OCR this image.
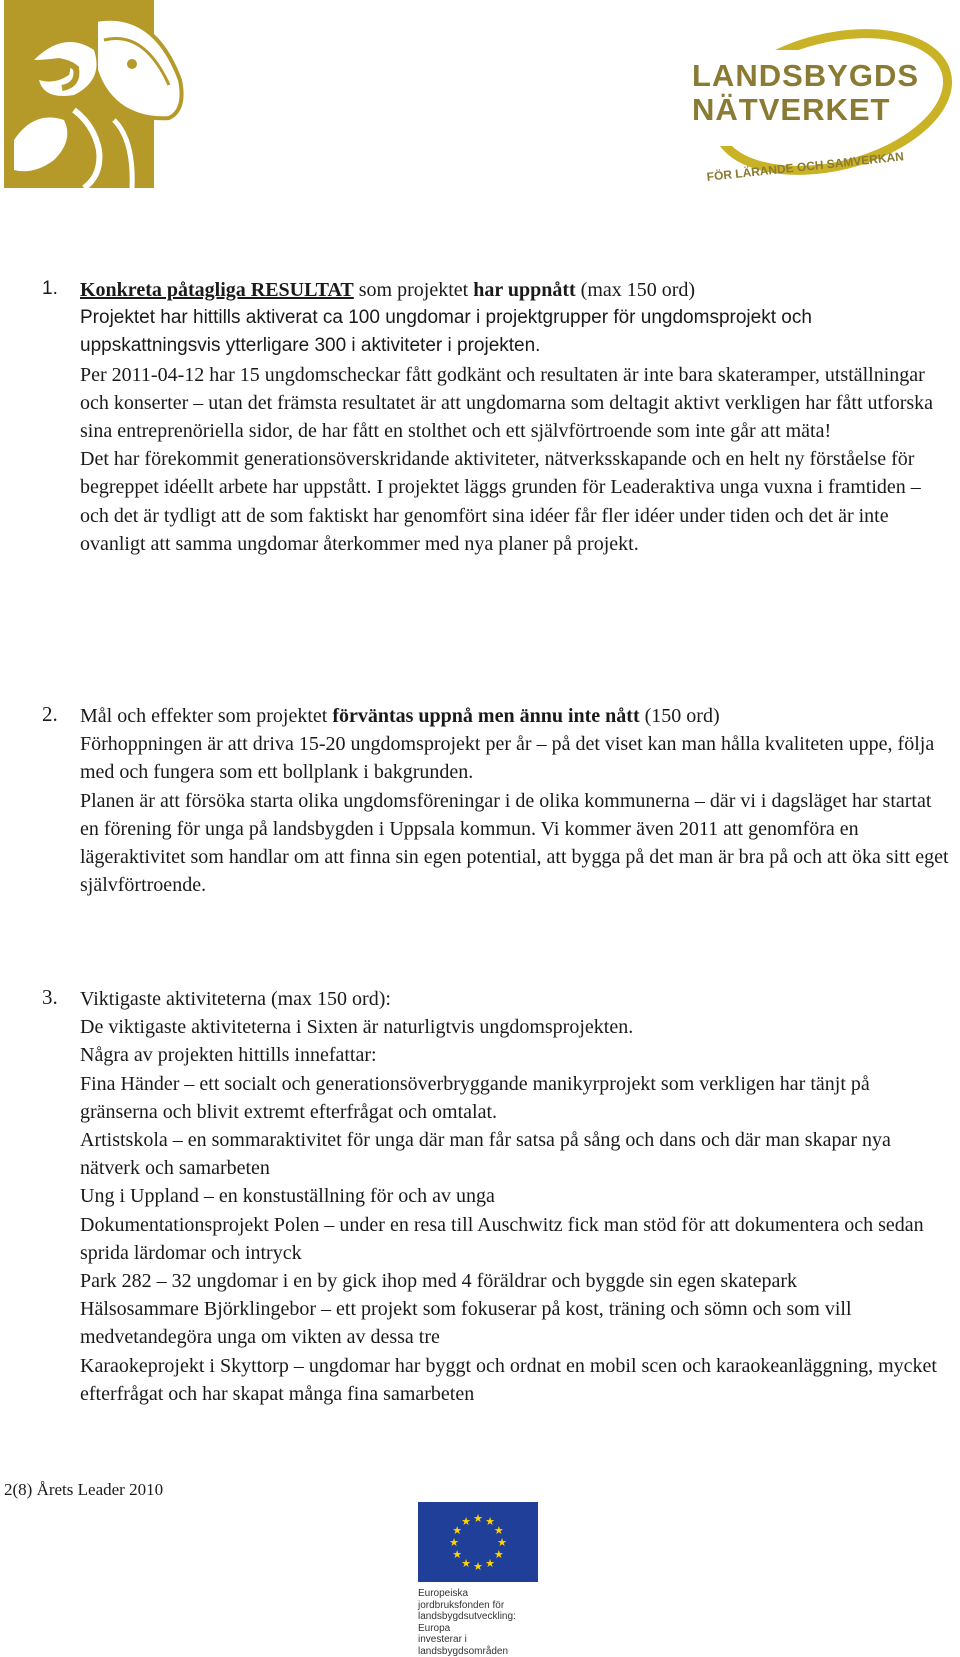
LANDSBYGDS
NÄTVERKET
FÖR LÄRANDE OCH SAMVERKAN
1. Konkreta påtagliga RESULTAT som projektet har uppnått (max 150 ord)

Projektet har hittills aktiverat ca 100 ungdomar i projektgrupper för ungdomsprojekt och uppskattningsvis ytterligare 300 i aktiviteter i projekten.

Per 2011-04-12 har 15 ungdomscheckar fått godkänt och resultaten är inte bara skateramper, utställningar och konserter – utan det främsta resultatet är att ungdomarna som deltagit aktivt verkligen har fått utforska sina entreprenöriella sidor, de har fått en stolthet och ett självförtroende som inte går att mäta!

Det har förekommit generationsöverskridande aktiviteter, nätverksskapande och en helt ny förståelse för begreppet idéellt arbete har uppstått. I projektet läggs grunden för Leaderaktiva unga vuxna i framtiden – och det är tydligt att de som faktiskt har genomfört sina idéer får fler idéer under tiden och det är inte ovanligt att samma ungdomar återkommer med nya planer på projekt.

2. Mål och effekter som projektet förväntas uppnå men ännu inte nått (150 ord)

Förhoppningen är att driva 15-20 ungdomsprojekt per år – på det viset kan man hålla kvaliteten uppe, följa med och fungera som ett bollplank i bakgrunden.

Planen är att försöka starta olika ungdomsföreningar i de olika kommunerna – där vi i dagsläget har startat en förening för unga på landsbygden i Uppsala kommun. Vi kommer även 2011 att genomföra en lägeraktivitet som handlar om att finna sin egen potential, att bygga på det man är bra på och att öka sitt eget självförtroende.

3. Viktigaste aktiviteterna (max 150 ord):

De viktigaste aktiviteterna i Sixten är naturligtvis ungdomsprojekten.

Några av projekten hittills innefattar:

Fina Händer – ett socialt och generationsöverbryggande manikyrprojekt som verkligen har tänjt på gränserna och blivit extremt efterfrågat och omtalat.

Artistskola – en sommaraktivitet för unga där man får satsa på sång och dans och där man skapar nya nätverk och samarbeten

Ung i Uppland – en konstuställning för och av unga

Dokumentationsprojekt Polen – under en resa till Auschwitz fick man stöd för att dokumentera och sedan sprida lärdomar och intryck

Park 282 – 32 ungdomar i en by gick ihop med 4 föräldrar och byggde sin egen skatepark

Hälsosammare Björklingebor – ett projekt som fokuserar på kost, träning och sömn och som vill medvetandegöra unga om vikten av dessa tre

Karaokeprojekt i Skyttorp – ungdomar har byggt och ordnat en mobil scen och karaokeanläggning, mycket efterfrågat och har skapat många fina samarbeten

2(8) Årets Leader 2010
★ ★
★
★
★
★
★
★
★
★
★
★
Europeiska jordbruksfonden för
landsbygdsutveckling: Europa
investerar i landsbygdsområden
